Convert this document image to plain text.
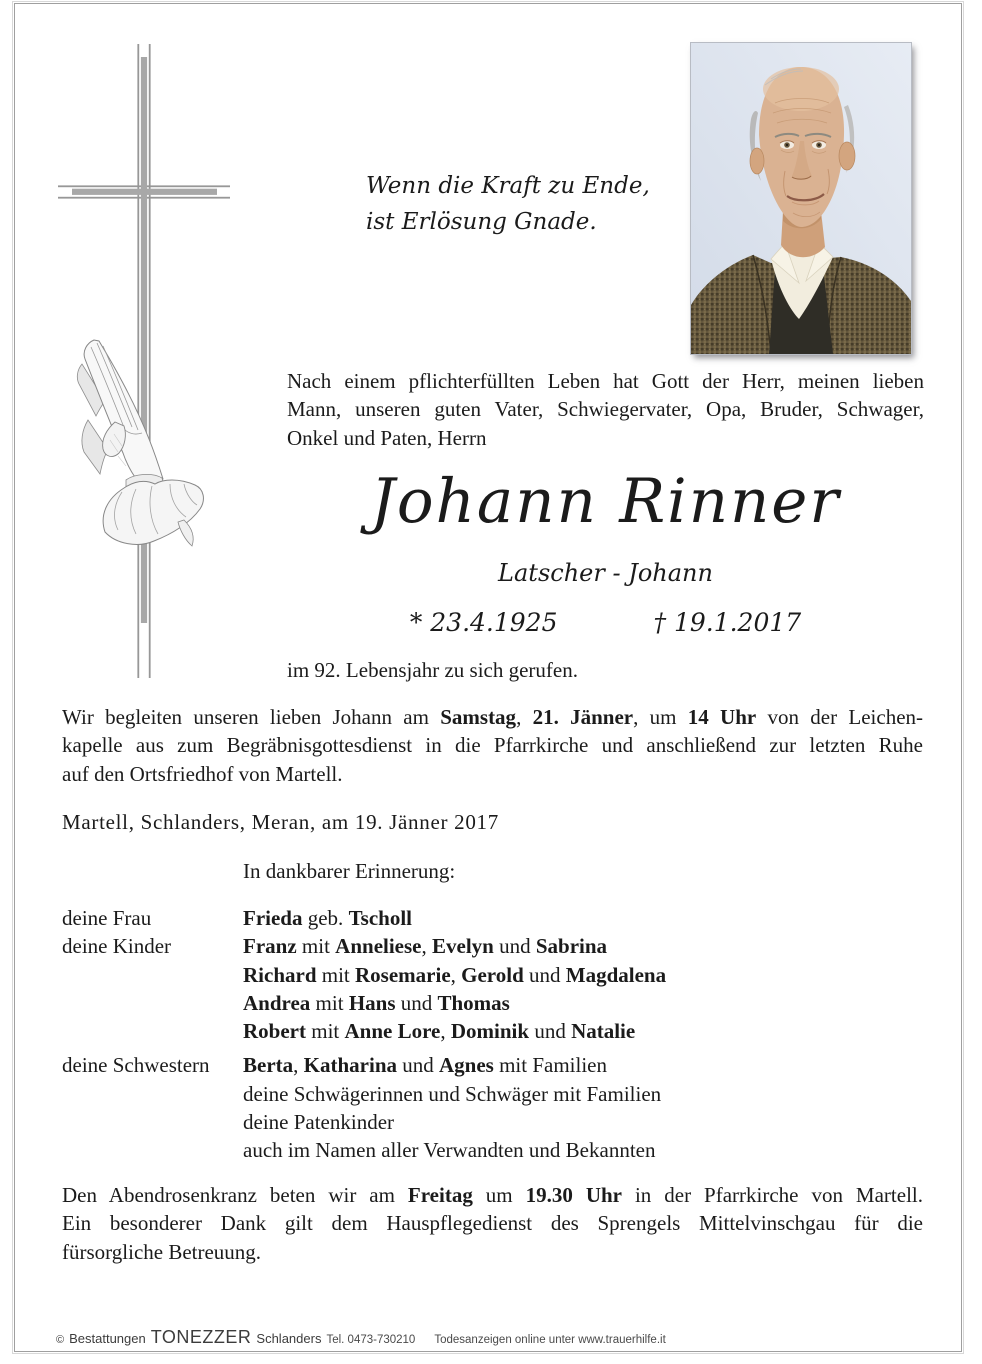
Wenn die Kraft zu Ende,
ist Erlösung Gnade.
Nach einem pflichterfüllten Leben hat Gott der Herr, meinen lieben
Mann, unseren guten Vater, Schwiegervater, Opa, Bruder, Schwager,
Onkel und Paten, Herrn
Johann Rinner
Latscher - Johann
* 23.4.1925	† 19.1.2017
im 92. Lebensjahr zu sich gerufen.
Wir begleiten unseren lieben Johann am Samstag, 21. Jänner, um 14 Uhr von der Leichen-
kapelle aus zum Begräbnisgottesdienst in die Pfarrkirche und anschließend zur letzten Ruhe
auf den Ortsfriedhof von Martell.
Martell, Schlanders, Meran, am 19. Jänner 2017
In dankbarer Erinnerung:
deine Frau	Frieda geb. Tscholl
deine Kinder	Franz mit Anneliese, Evelyn und Sabrina
Richard mit Rosemarie, Gerold und Magdalena
Andrea mit Hans und Thomas
Robert mit Anne Lore, Dominik und Natalie
deine Schwestern	Berta, Katharina und Agnes mit Familien
deine Schwägerinnen und Schwäger mit Familien
deine Patenkinder
auch im Namen aller Verwandten und Bekannten
Den Abendrosenkranz beten wir am Freitag um 19.30 Uhr in der Pfarrkirche von Martell.
Ein besonderer Dank gilt dem Hauspflegedienst des Sprengels Mittelvinschgau für die
fürsorgliche Betreuung.
© Bestattungen TONEZZER Schlanders Tel. 0473-730210 Todesanzeigen online unter www.trauerhilfe.it
